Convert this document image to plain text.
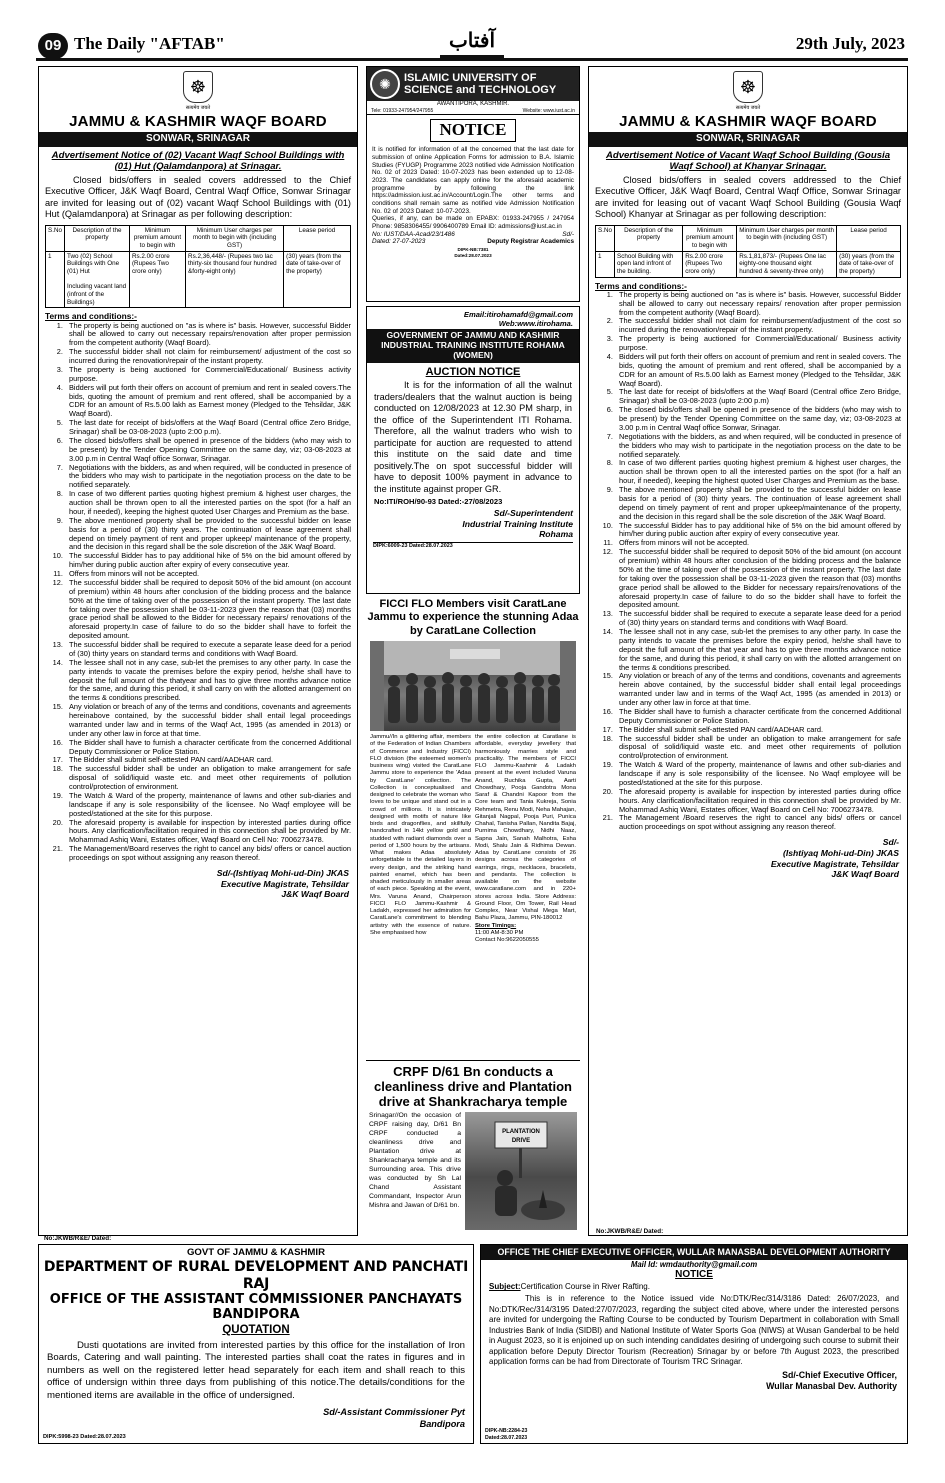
09 The Daily "AFTAB"	آفتاب	29th July, 2023
☸
सत्यमेव जयते
JAMMU & KASHMIR WAQF BOARD
SONWAR, SRINAGAR
Advertisement Notice of (02) Vacant Waqf School Buildings with (01) Hut (Qalamdanpora) at Srinagar.
Closed bids/offers in sealed covers addressed to the Chief Executive Officer, J&K Waqf Board, Central Waqf Office, Sonwar Srinagar are invited for leasing out of (02) vacant Waqf School Buildings with (01) Hut (Qalamdanpora) at Srinagar as per following description:
S.No	Description of the property	Minimum premium amount to begin with	Minimum User charges per month to begin with (including GST)	Lease period
1	Two (02) School Buildings with One (01) Hut

Including vacant land (infront of the Buildings)	Rs.2.00 crore (Rupees Two crore only)	Rs.2,36,448/- (Rupees two lac thirty-six thousand four hundred &forty-eight only)	(30) years (from the date of take-over of the property)
Terms and conditions:-
1. The property is being auctioned on "as is where is" basis. However, successful Bidder shall be allowed to carry out necessary repairs/renovation after proper permission from the competent authority (Waqf Board).
2. The successful bidder shall not claim for reimbursement/ adjustment of the cost so incurred during the renovation/repair of the instant property.
3. The property is being auctioned for Commercial/Educational/ Business activity purpose.
4. Bidders will put forth their offers on account of premium and rent in sealed covers.The bids, quoting the amount of premium and rent offered, shall be accompanied by a CDR for an amount of Rs.5.00 lakh as Earnest money (Pledged to the Tehsildar, J&K Waqf Board).
5. The last date for receipt of bids/offers at the Waqf Board (Central office Zero Bridge, Srinagar) shall be 03-08-2023 (upto 2:00 p.m).
6. The closed bids/offers shall be opened in presence of the bidders (who may wish to be present) by the Tender Opening Committee on the same day, viz; 03-08-2023 at 3.00 p.m in Central Waqf office Sonwar, Srinagar.
7. Negotiations with the bidders, as and when required, will be conducted in presence of the bidders who may wish to participate in the negotiation process on the date to be notified separately.
8. In case of two different parties quoting highest premium & highest user charges, the auction shall be thrown open to all the interested parties on the spot (for a half an hour, if needed), keeping the highest quoted User Charges and Premium as the base.
9. The above mentioned property shall be provided to the successful bidder on lease basis for a period of (30) thirty years. The continuation of lease agreement shall depend on timely payment of rent and proper upkeep/ maintenance of the property, and the decision in this regard shall be the sole discretion of the J&K Waqf Board.
10. The successful Bidder has to pay additional hike of 5% on the bid amount offered by him/her during public auction after expiry of every consecutive year.
11. Offers from minors will not be accepted.
12. The successful bidder shall be required to deposit 50% of the bid amount (on account of premium) within 48 hours after conclusion of the bidding process and the balance 50% at the time of taking over of the possession of the instant property. The last date for taking over the possession shall be 03-11-2023 given the reason that (03) months grace period shall be allowed to the Bidder for necessary repairs/ renovations of the aforesaid property.In case of failure to do so the bidder shall have to forfeit the deposited amount.
13. The successful bidder shall be required to execute a separate lease deed for a period of (30) thirty years on standard terms and conditions with Waqf Board.
14. The lessee shall not in any case, sub-let the premises to any other party. In case the party intends to vacate the premises before the expiry period, he/she shall have to deposit the full amount of the thatyear and has to give three months advance notice for the same, and during this period, it shall carry on with the allotted arrangement on the terms & conditions prescribed.
15. Any violation or breach of any of the terms and conditions, covenants and agreements hereinabove contained, by the successful bidder shall entail legal proceedings warranted under law and in terms of the Waqf Act, 1995 (as amended in 2013) or under any other law in force at that time.
16. The Bidder shall have to furnish a character certificate from the concerned Additional Deputy Commissioner or Police Station.
17. The Bidder shall submit self-attested PAN card/AADHAR card.
18. The successful bidder shall be under an obligation to make arrangement for safe disposal of solid/liquid waste etc. and meet other requirements of pollution control/protection of environment.
19. The Watch & Ward of the property, maintenance of lawns and other sub-diaries and landscape if any is sole responsibility of the licensee. No Waqf employee will be posted/stationed at the site for this purpose.
20. The aforesaid property is available for inspection by interested parties during office hours. Any clarification/facilitation required in this connection shall be provided by Mr. Mohammad Ashiq Wani, Estates officer, Waqf Board on Cell No: 7006273478.
21. The Management/Board reserves the right to cancel any bids/ offers or cancel auction proceedings on spot without assigning any reason thereof.
Sd/-(Ishtiyaq Mohi-ud-Din) JKAS
Executive Magistrate, Tehsildar
J&K Waqf Board
No:JKWB/R&E/ Dated:
✺	ISLAMIC UNIVERSITY OF
SCIENCE and TECHNOLOGY
AWANTIPORA, KASHMIR.
Tele: 01933-247954/247955	Website: www.iust.ac.in
NOTICE
It is notified for information of all the concerned that the last date for submission of online Application Forms for admission to B.A. Islamic Studies (FYUGP) Programme 2023 notified vide Admission Notification No. 02 of 2023 Dated: 10-07-2023 has been extended up to 12-08-2023. The candidates can apply online for the aforesaid academic programme by following the link https://admission.iust.ac.in/Account/Login.The other terms and conditions shall remain same as notified vide Admission Notification No. 02 of 2023 Dated: 10-07-2023.
Queries, if any, can be made on EPABX: 01933-247955 / 247954 Phone: 9858306455/ 9906400789 Email ID: admissions@iust.ac.in
No: IUST/DAA-Acad/23/1486	Sd/-
Dated: 27-07-2023	Deputy Registrar Academics
DIPK-NB:7381
Dated:28.07.2023
Email:itirohamafd@gmail.com
Web:www.itirohama.
GOVERNMENT OF JAMMU AND KASHMIR INDUSTRIAL TRAINING INSTITUTE ROHAMA (WOMEN)
AUCTION NOTICE
It is for the information of all the walnut traders/dealers that the walnut auction is being conducted on 12/08/2023 at 12.30 PM sharp, in the office of the Superintendent ITI Rohama. Therefore, all the walnut traders who wish to participate for auction are requested to attend this institute on the said date and time positively.The on spot successful bidder will have to deposit 100% payment in advance to the institute against proper GR.
No:ITI/ROH/90-93 Dated:-27/08/2023
Sd/-Superintendent
Industrial Training Institute
Rohama
DIPK:6009-23 Dated:28.07.2023
FICCI FLO Members visit CaratLane Jammu to experience the stunning Adaa by CaratLane Collection
Jammu//In a glittering affair, members of the Federation of Indian Chambers of Commerce and Industry (FICCI) FLO division (the esteemed women's business wing) visited the CaratLane Jammu store to experience the 'Adaa by CaratLane' collection. The Collection is conceptualised and designed to celebrate the woman who loves to be unique and stand out in a crowd of millions. It is intricately designed with motifs of nature like birds and dragonflies, and skillfully handcrafted in 14kt yellow gold and studded with radiant diamonds over a period of 1,500 hours by the artisans. What makes Adaa absolutely unforgettable is the detailed layers in every design, and the striking hand painted enamel, which has been shaded meticulously in smaller areas of each piece. Speaking at the event, Mrs. Varuna Anand, Chairperson FICCI FLO Jammu-Kashmir & Ladakh, expressed her admiration for CaratLane's commitment to blending artistry with the essence of nature. She emphasised how
the entire collection at Caratlane is affordable, everyday jewellery that harmoniously marries style and practicality. The members of FICCI FLO Jammu-Kashmir & Ladakh present at the event included Varuna Anand, Ruchika Gupta, Aarti Chowdhary, Pooja Gandotra Mona Saraf & Chandni Kapoor from the Core team and Tania Kukreja, Sonia Rehmetra, Renu Modi, Neha Mahajan, Gitanjali Nagpal, Pooja Puri, Punica Chahal, Tanisha Pallan, Nandita Bajaj, Purnima Chowdhary, Nidhi Naaz, Sapna Jain, Sanah Malhotra, Esha Modi, Shalu Jain & Ridhima Dewan. Adaa by CaratLane consists of 26 designs across the categories of earrings, rings, necklaces, bracelets, and pendants. The collection is available on the website www.caratlane.com and in 220+ stores across India. Store Address: Ground Floor, Om Tower, Rail Head Complex, Near Vishal Mega Mart, Bahu Plaza, Jammu, PIN-180012
Store Timings:
11:00 AM-8:30 PM
Contact No:9622050555
CRPF D/61 Bn conducts a cleanliness drive and Plantation drive at Shankracharya temple
Srinagar//On the occasion of CRPF raising day, D/61 Bn CRPF conducted a cleanliness drive and Plantation drive at Shankracharya temple and its Surrounding area. This drive was conducted by Sh Lal Chand Assistant Commandant, Inspector Arun Mishra and Jawan of D/61 bn.
PLANTATION
DRIVE
☸
सत्यमेव जयते
JAMMU & KASHMIR WAQF BOARD
SONWAR, SRINAGAR
Advertisement Notice of Vacant Waqf School Building (Gousia Waqf School) at Khanyar Srinagar.
Closed bids/offers in sealed covers addressed to the Chief Executive Officer, J&K Waqf Board, Central Waqf Office, Sonwar Srinagar are invited for leasing out of vacant Waqf School Building (Gousia Waqf School) Khanyar at Srinagar as per following description:
S.No	Description of the property	Minimum premium amount to begin with	Minimum User charges per month to begin with (including GST)	Lease period
1	School Building with open land infront of the building.	Rs.2.00 crore (Rupees Two crore only)	Rs.1,81,873/- (Rupees One lac eighty-one thousand eight hundred & seventy-three only)	(30) years (from the date of take-over of the property)
Terms and conditions:-
1. The property is being auctioned on "as is where is" basis. However, successful Bidder shall be allowed to carry out necessary repairs/ renovation after proper permission from the competent authority (Waqf Board).
2. The successful bidder shall not claim for reimbursement/adjustment of the cost so incurred during the renovation/repair of the instant property.
3. The property is being auctioned for Commercial/Educational/ Business activity purpose.
4. Bidders will put forth their offers on account of premium and rent in sealed covers. The bids, quoting the amount of premium and rent offered, shall be accompanied by a CDR for an amount of Rs.5.00 lakh as Earnest money (Pledged to the Tehsildar, J&K Waqf Board).
5. The last date for receipt of bids/offers at the Waqf Board (Central office Zero Bridge, Srinagar) shall be 03-08-2023 (upto 2:00 p.m)
6. The closed bids/offers shall be opened in presence of the bidders (who may wish to be present) by the Tender Opening Committee on the same day, viz; 03-08-2023 at 3.00 p.m in Central Waqf office Sonwar, Srinagar.
7. Negotiations with the bidders, as and when required, will be conducted in presence of the bidders who may wish to participate in the negotiation process on the date to be notified separately.
8. In case of two different parties quoting highest premium & highest user charges, the auction shall be thrown open to all the interested parties on the spot (for a half an hour, if needed), keeping the highest quoted User Charges and Premium as the base.
9. The above mentioned property shall be provided to the successful bidder on lease basis for a period of (30) thirty years. The continuation of lease agreement shall depend on timely payment of rent and proper upkeep/maintenance of the property, and the decision in this regard shall be the sole discretion of the J&K Waqf Board.
10. The successful Bidder has to pay additional hike of 5% on the bid amount offered by him/her during public auction after expiry of every consecutive year.
11. Offers from minors will not be accepted.
12. The successful bidder shall be required to deposit 50% of the bid amount (on account of premium) within 48 hours after conclusion of the bidding process and the balance 50% at the time of taking over of the possession of the instant property. The last date for taking over the possession shall be 03-11-2023 given the reason that (03) months grace period shall be allowed to the Bidder for necessary repairs/renovations of the aforesaid property.In case of failure to do so the bidder shall have to forfeit the deposited amount.
13. The successful bidder shall be required to execute a separate lease deed for a period of (30) thirty years on standard terms and conditions with Waqf Board.
14. The lessee shall not in any case, sub-let the premises to any other party. In case the party intends to vacate the premises before the expiry period, he/she shall have to deposit the full amount of the that year and has to give three months advance notice for the same, and during this period, it shall carry on with the allotted arrangement on the terms & conditions prescribed.
15. Any violation or breach of any of the terms and conditions, covenants and agreements herein above contained, by the successful bidder shall entail legal proceedings warranted under law and in terms of the Waqf Act, 1995 (as amended in 2013) or under any other law in force at that time.
16. The Bidder shall have to furnish a character certificate from the concerned Additional Deputy Commissioner or Police Station.
17. The Bidder shall submit self-attested PAN card/AADHAR card.
18. The successful bidder shall be under an obligation to make arrangement for safe disposal of solid/liquid waste etc. and meet other requirements of pollution control/protection of environment.
19. The Watch & Ward of the property, maintenance of lawns and other sub-diaries and landscape if any is sole responsibility of the licensee. No Waqf employee will be posted/stationed at the site for this purpose.
20. The aforesaid property is available for inspection by interested parties during office hours. Any clarification/facilitation required in this connection shall be provided by Mr. Mohammad Ashiq Wani, Estates officer, Waqf Board on Cell No: 7006273478.
21. The Management /Board reserves the right to cancel any bids/ offers or cancel auction proceedings on spot without assigning any reason thereof.
Sd/-
(Ishtiyaq Mohi-ud-Din) JKAS
Executive Magistrate, Tehsildar
J&K Waqf Board
No:JKWB/R&E/ Dated:
GOVT OF JAMMU & KASHMIR
DEPARTMENT OF RURAL DEVELOPMENT AND PANCHATI RAJ
OFFICE OF THE ASSISTANT COMMISSIONER PANCHAYATS BANDIPORA
QUOTATION
Dusti quotations are invited from interested parties by this office for the installation of Iron Boards, Catering and wall painting. The interested parties shall coat the rates in figures and in numbers as well on the registered letter head separately for each item and shall reach to this office of undersign within three days from publishing of this notice.The details/conditions for the mentioned items are available in the office of undersigned.
Sd/-Assistant Commissioner Pyt
Bandipora
DIPK:5998-23 Dated:28.07.2023
OFFICE THE CHIEF EXECUTIVE OFFICER, WULLAR MANASBAL DEVELOPMENT AUTHORITY
Mail Id: wmdauthority@gmail.com
NOTICE
Subject:Certification Course in River Rafting.
This is in reference to the Notice issued vide No:DTK/Rec/314/3186 Dated: 26/07/2023, and No:DTK/Rec/314/3195 Dated:27/07/2023, regarding the subject cited above, where under the interested persons are invited for undergoing the Rafting Course to be conducted by Tourism Department in collaboration with Small Industries Bank of India (SIDBI) and National Institute of Water Sports Goa (NIWS) at Wusan Ganderbal to be held in August 2023, so it is enjoined up on such intending candidates desiring of undergoing such course to submit their application before Deputy Director Tourism (Recreation) Srinagar by or before 7th August 2023, the prescribed application forms can be had from Directorate of Tourism TRC Srinagar.
Sd/-Chief Executive Officer,
Wullar Manasbal Dev. Authority
DIPK-NB:2284-23
Dated:28.07.2023
